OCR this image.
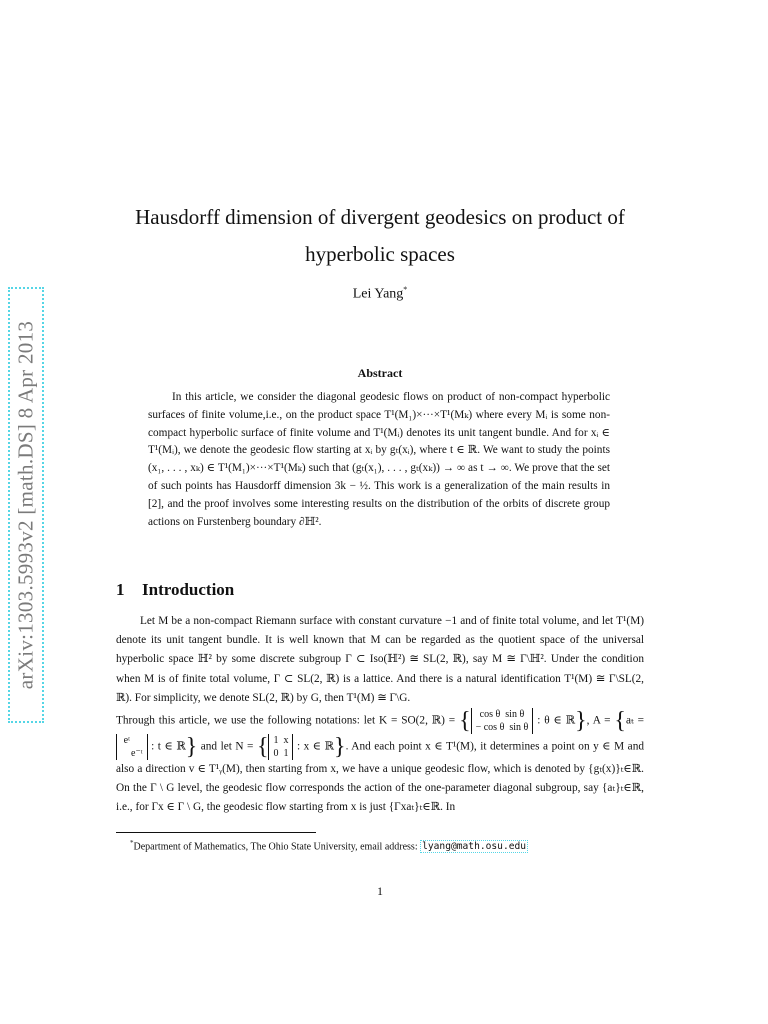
arXiv:1303.5993v2 [math.DS] 8 Apr 2013
Hausdorff dimension of divergent geodesics on product of
hyperbolic spaces
Lei Yang*
Abstract

In this article, we consider the diagonal geodesic flows on product of non-compact hyperbolic surfaces of finite volume,i.e., on the product space T¹(M₁)×···×T¹(Mₖ) where every Mᵢ is some non-compact hyperbolic surface of finite volume and T¹(Mᵢ) denotes its unit tangent bundle. And for xᵢ ∈ T¹(Mᵢ), we denote the geodesic flow starting at xᵢ by gₜ(xᵢ), where t ∈ ℝ. We want to study the points (x₁, . . . , xₖ) ∈ T¹(M₁)×···×T¹(Mₖ) such that (gₜ(x₁), . . . , gₜ(xₖ)) → ∞ as t → ∞. We prove that the set of such points has Hausdorff dimension 3k − ½. This work is a generalization of the main results in [2], and the proof involves some interesting results on the distribution of the orbits of discrete group actions on Furstenberg boundary ∂ℍ².

1 Introduction

Let M be a non-compact Riemann surface with constant curvature −1 and of finite total volume, and let T¹(M) denote its unit tangent bundle. It is well known that M can be regarded as the quotient space of the universal hyperbolic space ℍ² by some discrete subgroup Γ ⊂ Iso(ℍ²) ≅ SL(2, ℝ), say M ≅ Γ\ℍ². Under the condition when M is of finite total volume, Γ ⊂ SL(2, ℝ) is a lattice. And there is a natural identification T¹(M) ≅ Γ\SL(2, ℝ). For simplicity, we denote SL(2, ℝ) by G, then T¹(M) ≅ Γ\G.

Through this article, we use the following notations: let K = SO(2, ℝ) = { cos θ sin θ
− cos θ sin θ : θ ∈ ℝ}, A = {aₜ = eᵗ
e⁻ᵗ : t ∈ ℝ} and let N = { 1 x
0 1 : x ∈ ℝ}. And each point x ∈ T¹(M), it determines a point on y ∈ M and also a direction v ∈ T¹ᵧ(M), then starting from x, we have a unique geodesic flow, which is denoted by {gₜ(x)}ₜ∈ℝ. On the Γ \ G level, the geodesic flow corresponds the action of the one-parameter diagonal subgroup, say {aₜ}ₜ∈ℝ, i.e., for Γx ∈ Γ \ G, the geodesic flow starting from x is just {Γxaₜ}ₜ∈ℝ. In

*Department of Mathematics, The Ohio State University, email address: lyang@math.osu.edu
1
